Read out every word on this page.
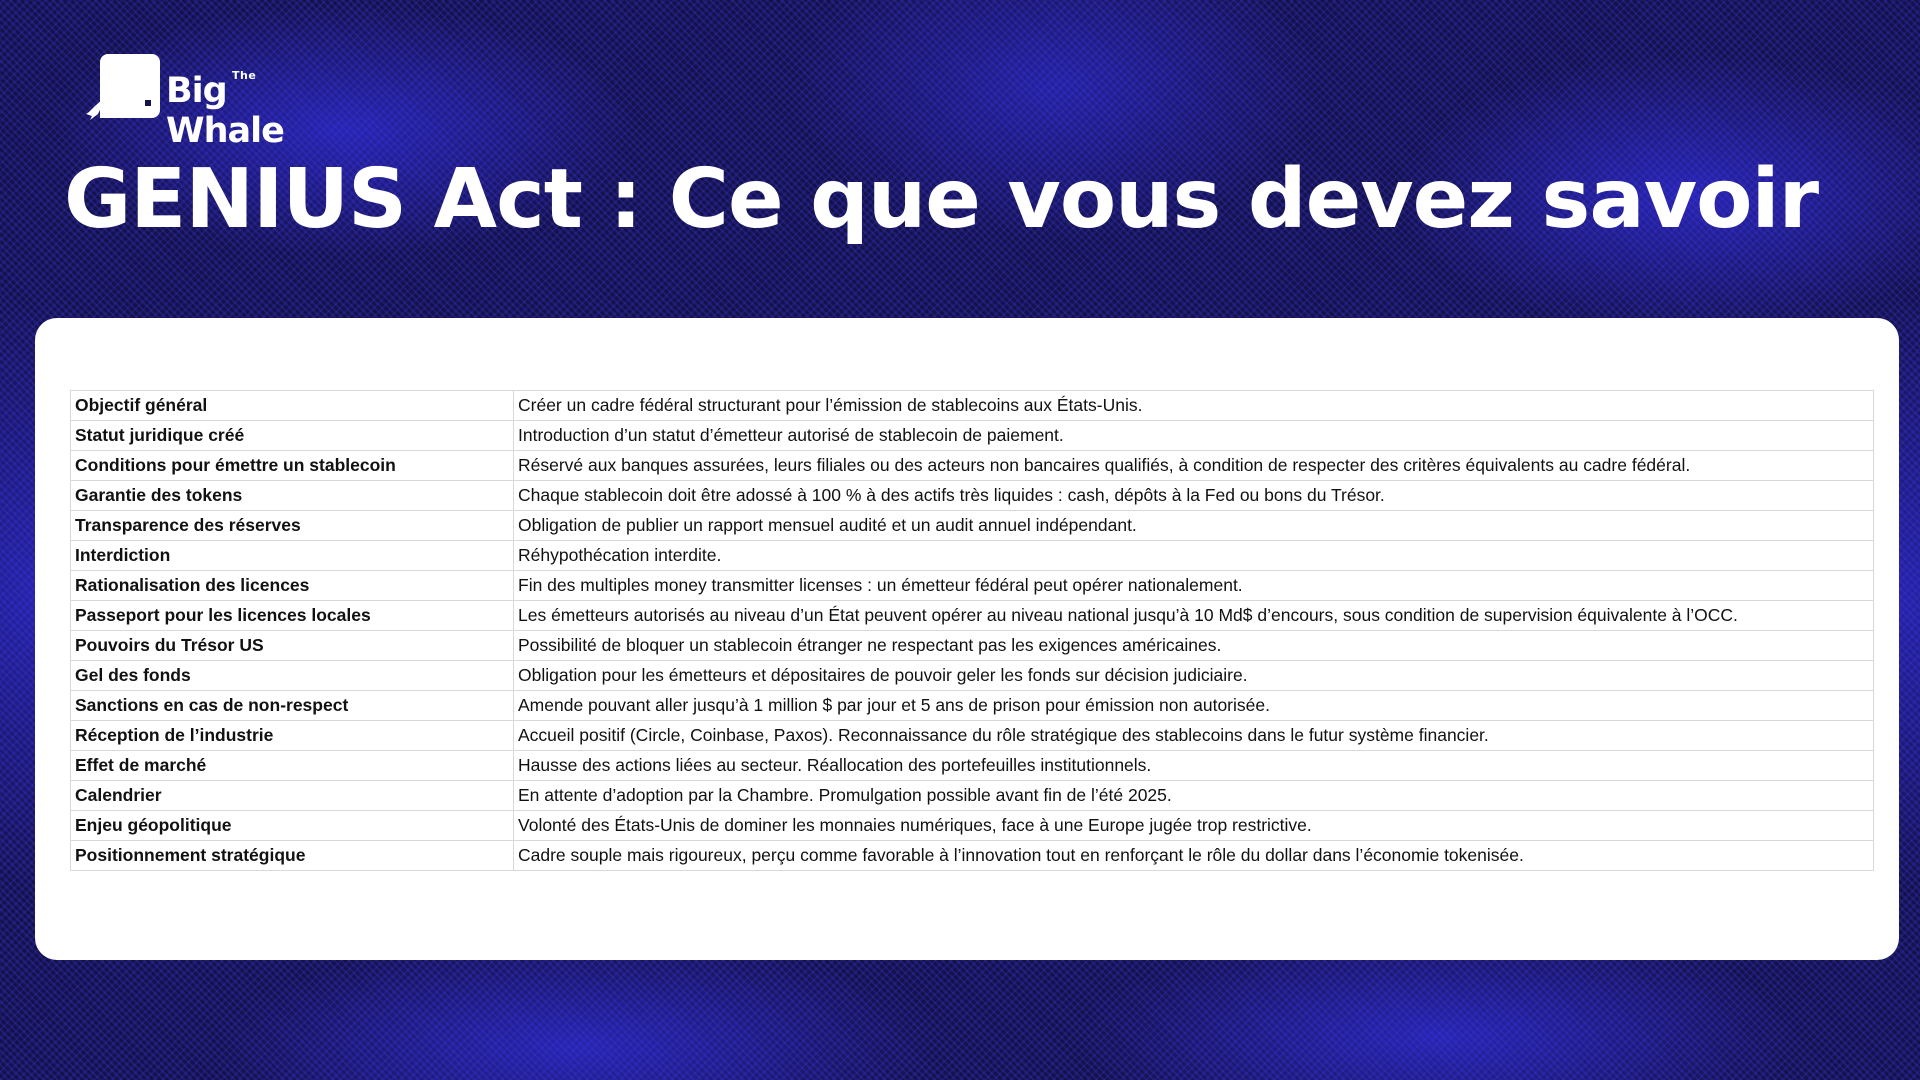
The
Big Whale
GENIUS Act : Ce que vous devez savoir
Objectif général	Créer un cadre fédéral structurant pour l’émission de stablecoins aux États-Unis.
Statut juridique créé	Introduction d’un statut d’émetteur autorisé de stablecoin de paiement.
Conditions pour émettre un stablecoin	Réservé aux banques assurées, leurs filiales ou des acteurs non bancaires qualifiés, à condition de respecter des critères équivalents au cadre fédéral.
Garantie des tokens	Chaque stablecoin doit être adossé à 100 % à des actifs très liquides : cash, dépôts à la Fed ou bons du Trésor.
Transparence des réserves	Obligation de publier un rapport mensuel audité et un audit annuel indépendant.
Interdiction	Réhypothécation interdite.
Rationalisation des licences	Fin des multiples money transmitter licenses : un émetteur fédéral peut opérer nationalement.
Passeport pour les licences locales	Les émetteurs autorisés au niveau d’un État peuvent opérer au niveau national jusqu’à 10 Md$ d’encours, sous condition de supervision équivalente à l’OCC.
Pouvoirs du Trésor US	Possibilité de bloquer un stablecoin étranger ne respectant pas les exigences américaines.
Gel des fonds	Obligation pour les émetteurs et dépositaires de pouvoir geler les fonds sur décision judiciaire.
Sanctions en cas de non-respect	Amende pouvant aller jusqu’à 1 million $ par jour et 5 ans de prison pour émission non autorisée.
Réception de l’industrie	Accueil positif (Circle, Coinbase, Paxos). Reconnaissance du rôle stratégique des stablecoins dans le futur système financier.
Effet de marché	Hausse des actions liées au secteur. Réallocation des portefeuilles institutionnels.
Calendrier	En attente d’adoption par la Chambre. Promulgation possible avant fin de l’été 2025.
Enjeu géopolitique	Volonté des États-Unis de dominer les monnaies numériques, face à une Europe jugée trop restrictive.
Positionnement stratégique	Cadre souple mais rigoureux, perçu comme favorable à l’innovation tout en renforçant le rôle du dollar dans l’économie tokenisée.
